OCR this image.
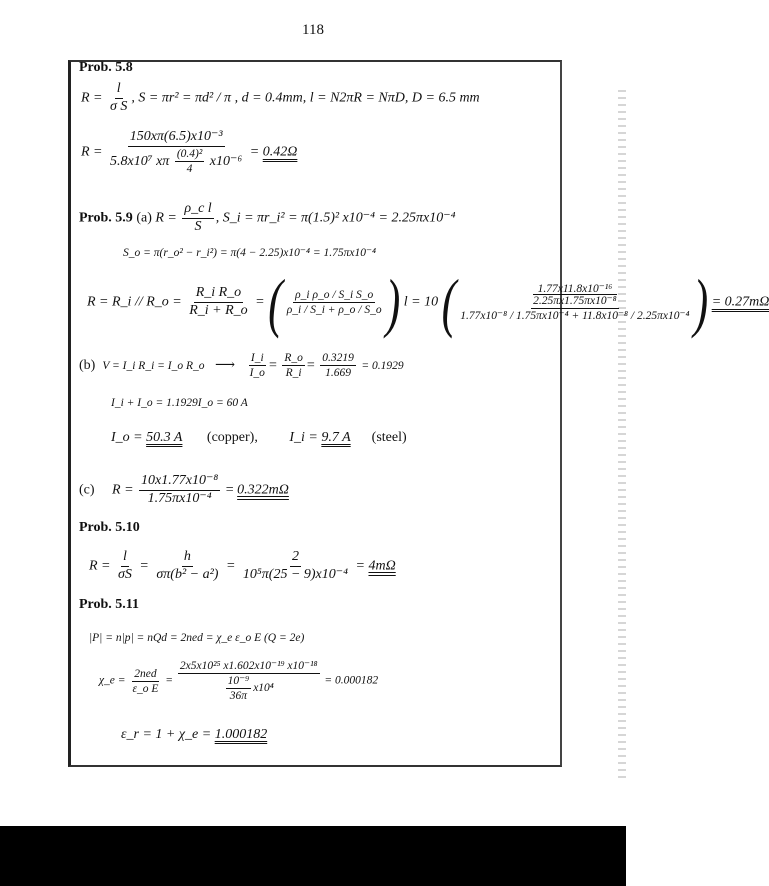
118
Prob. 5.8
$R = \frac{l}{\text{σ S}}$ , S = πr² = πd² / π , d = 0.4mm, l = N2πR = NπD, D = 6.5 mm
$R = \frac{\text{150xπ(6.5)x10⁻³}}{5.8x10^7 x\pi \frac{\text{(0.4)²}}{4} x10^{-6}} = 0.42\Omega$
Prob. 5.9 (a) $R = \frac{\text{ρ\_c l}}{S}$ , S_i = πr_i² = π(1.5)² x10⁻⁴ = 2.25πx10⁻⁴
S_o = π(r_o² − r_i²) = π(4 − 2.25)x10⁻⁴ = 1.75πx10⁻⁴
R = R_i // R_o = $\frac{\text{R\_i R\_o}}{R\_i + R\_o}$ = ( $\frac{\text{ρ\_i ρ\_o / S\_i S\_o}}{\rho\_i / S\_i + \rho\_o / S\_o}$ ) l = 10 (	1.77x11.8x10⁻¹⁶
2.25πx1.75πx10⁻⁸
1.77x10⁻⁸ / 1.75πx10⁻⁴ + 11.8x10⁻⁸ / 2.25πx10⁻⁴ ) = 0.27mΩ
(b) V = I_i R_i = I_o R_o ⟶ $\frac{I\_i}{I\_o} = \frac{R\_o}{R\_i} = \frac{0.3219}{1.669} = 0.1929$
I_i + I_o = 1.1929I_o = 60 A
I_o = 50.3 A (copper), I_i = 9.7 A (steel)
(c) $R = \frac{\text{10x1.77x10⁻⁸}}{\text{1.75πx10⁻⁴}} = 0.322m\Omega$
Prob. 5.10
$R = \frac{l}{\sigma S} = \frac{h}{\text{σπ(b² − a²)}} = \frac{2}{\text{10⁵π(25 − 9)x10⁻⁴}} = 4m\Omega$
Prob. 5.11
|P| = n|p| = nQd = 2ned = χ_e ε_o E (Q = 2e)
χ_e = $\frac{\text{2ned}}{\text{ε\_o E}} = \frac{\text{2x5x10²⁵ x1.602x10⁻¹⁹ x10⁻¹⁸}}{\frac{\text{10⁻⁹}}{36\pi} x10^4} = 0.000182$
ε_r = 1 + χ_e = 1.000182
